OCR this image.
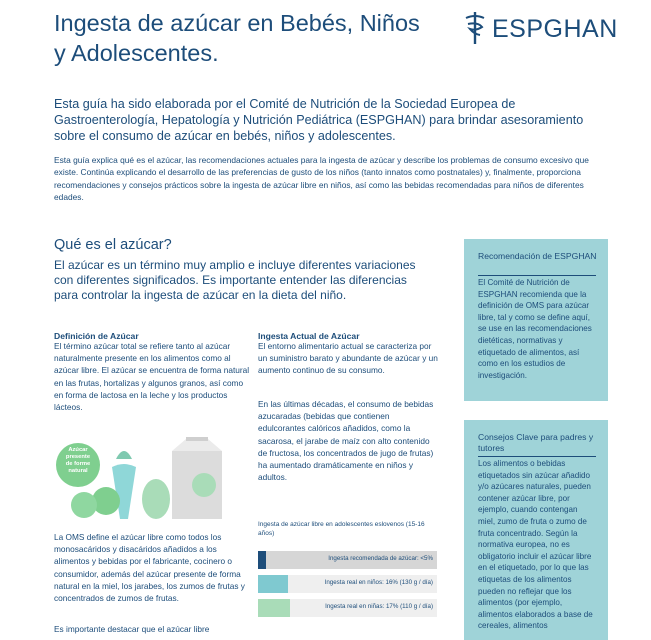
Ingesta de azúcar en Bebés, Niños y Adolescentes.
ESPGHAN
Esta guía ha sido elaborada por el Comité de Nutrición de la Sociedad Europea de Gastroenterología, Hepatología y Nutrición Pediátrica (ESPGHAN) para brindar asesoramiento sobre el consumo de azúcar en bebés, niños y adolescentes.
Esta guía explica qué es el azúcar, las recomendaciones actuales para la ingesta de azúcar y describe los problemas de consumo excesivo que existe. Continúa explicando el desarrollo de las preferencias de gusto de los niños (tanto innatos como postnatales) y, finalmente, proporciona recomendaciones y consejos prácticos sobre la ingesta de azúcar libre en niños, así como las bebidas recomendadas para niños de diferentes edades.
Qué es el azúcar?
El azúcar es un término muy amplio e incluye diferentes variaciones con diferentes significados. Es importante entender las diferencias para controlar la ingesta de azúcar en la dieta del niño.
Definición de Azúcar
El término azúcar total se refiere tanto al azúcar naturalmente presente en los alimentos como al azúcar libre. El azúcar se encuentra de forma natural en las frutas, hortalizas y algunos granos, así como en forma de lactosa en la leche y los productos lácteos.
Azúcar presente de forme natural
La OMS define el azúcar libre como todos los monosacáridos y disacáridos añadidos a los alimentos y bebidas por el fabricante, cocinero o consumidor, además del azúcar presente de forma natural en la miel, los jarabes, los zumos de frutas y concentrados de zumos de frutas.
Es importante destacar que el azúcar libre
Ingesta Actual de Azúcar
El entorno alimentario actual se caracteriza por un suministro barato y abundante de azúcar y un aumento continuo de su consumo.
En las últimas décadas, el consumo de bebidas azucaradas (bebidas que contienen edulcorantes calóricos añadidos, como la sacarosa, el jarabe de maíz con alto contenido de fructosa, los concentrados de jugo de frutas) ha aumentado dramáticamente en niños y adultos.
Ingesta de azúcar libre en adolescentes eslovenos (15-16 años)
Ingesta recomendada de azúcar: <5%
Ingesta real en niños: 16% (130 g / día)
Ingesta real en niñas: 17% (110 g / día)
Recomendación de ESPGHAN
El Comité de Nutrición de ESPGHAN recomienda que la definición de OMS para azúcar libre, tal y como se define aquí, se use en las recomendaciones dietéticas, normativas y etiquetado de alimentos, así como en los estudios de investigación.
Consejos Clave para padres y tutores
Los alimentos o bebidas etiquetados sin azúcar añadido y/o azúcares naturales, pueden contener azúcar libre, por ejemplo, cuando contengan miel, zumo de fruta o zumo de fruta concentrado. Según la normativa europea, no es obligatorio incluir el azúcar libre en el etiquetado, por lo que las etiquetas de los alimentos pueden no reflejar que los alimentos (por ejemplo, alimentos elaborados a base de cereales, alimentos
